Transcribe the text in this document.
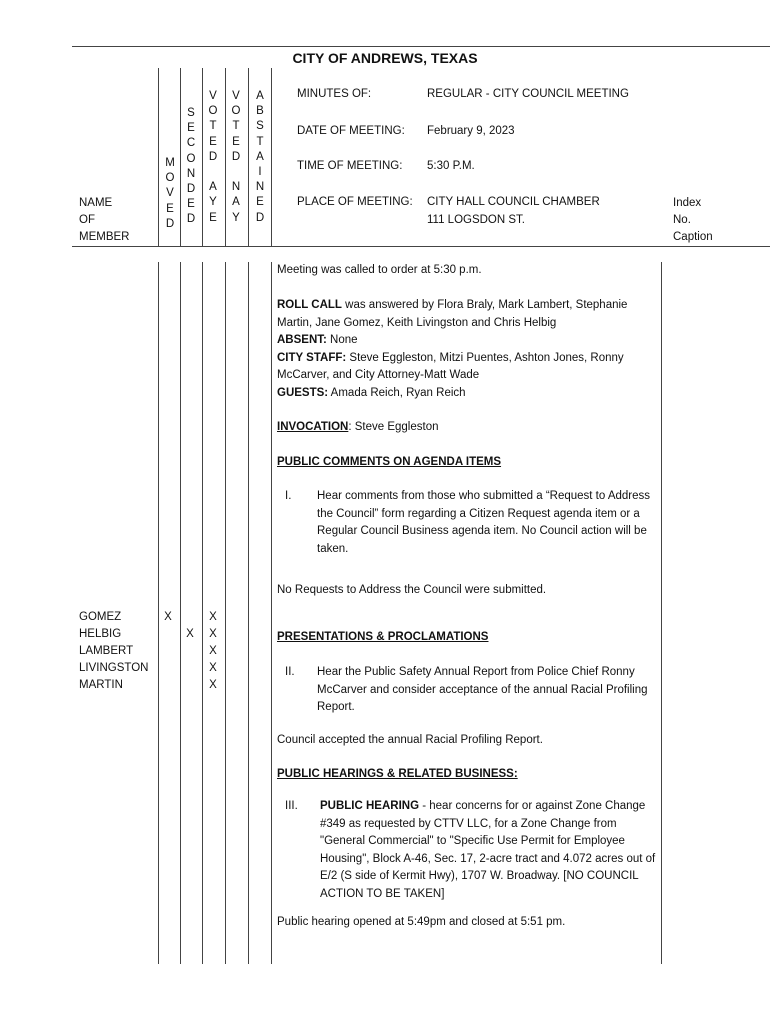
CITY OF ANDREWS, TEXAS
M
O
V
E
D
S
E
C
O
N
D
E
D
V
O
T
E
D
A
Y
E
V
O
T
E
D
N
A
Y
A
B
S
T
A
I
N
E
D
MINUTES OF:	REGULAR - CITY COUNCIL MEETING
DATE OF MEETING: February 9, 2023
TIME OF MEETING: 5:30 P.M.
PLACE OF MEETING: CITY HALL COUNCIL CHAMBER
111 LOGSDON ST.
NAME
OF
MEMBER
Index
No.
Caption
GOMEZ
HELBIG
LAMBERT
LIVINGSTON
MARTIN
X

X

X
X
X
X
X
Meeting was called to order at 5:30 p.m.
ROLL CALL was answered by Flora Braly, Mark Lambert, Stephanie Martin, Jane Gomez, Keith Livingston and Chris Helbig
ABSENT: None
CITY STAFF: Steve Eggleston, Mitzi Puentes, Ashton Jones, Ronny McCarver, and City Attorney-Matt Wade
GUESTS: Amada Reich, Ryan Reich
INVOCATION: Steve Eggleston
PUBLIC COMMENTS ON AGENDA ITEMS
I. Hear comments from those who submitted a “Request to Address the Council” form regarding a Citizen Request agenda item or a Regular Council Business agenda item. No Council action will be taken.
No Requests to Address the Council were submitted.
PRESENTATIONS & PROCLAMATIONS
II. Hear the Public Safety Annual Report from Police Chief Ronny McCarver and consider acceptance of the annual Racial Profiling Report.
Council accepted the annual Racial Profiling Report.
PUBLIC HEARINGS & RELATED BUSINESS:
III. PUBLIC HEARING - hear concerns for or against Zone Change #349 as requested by CTTV LLC, for a Zone Change from "General Commercial" to "Specific Use Permit for Employee Housing", Block A-46, Sec. 17, 2-acre tract and 4.072 acres out of E/2 (S side of Kermit Hwy), 1707 W. Broadway. [NO COUNCIL ACTION TO BE TAKEN]
Public hearing opened at 5:49pm and closed at 5:51 pm.
